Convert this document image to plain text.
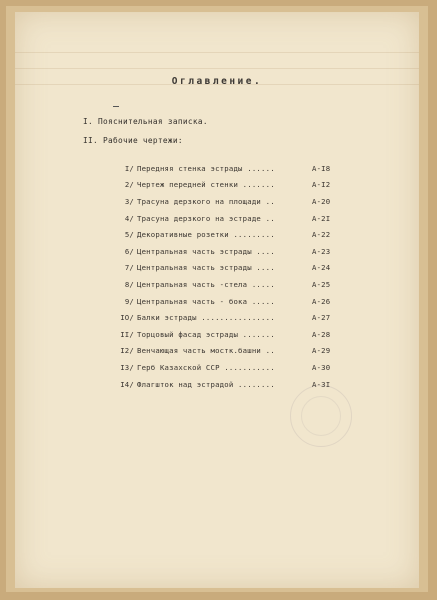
Оглавление.
I. Пояснительная записка.
II. Рабочие чертежи:
I/ Передняя стенка эстрады ......	А-I8
2/ Чертеж передней стенки .......	А-I2
3/ Трасуна дерзкого на площади ..	А-20
4/ Трасуна дерзкого на эстраде ..	А-2I
5/ Декоративные розетки .........	А-22
6/ Центральная часть эстрады ....	А-23
7/ Центральная часть эстрады ....	А-24
8/ Центральная часть -стела .....	А-25
9/ Центральная часть - бока .....	А-26
IO/ Балки эстрады ................	А-27
II/ Торцовый фасад эстрады .......	А-28
I2/ Венчающая часть мостк.башни ..	А-29
I3/ Герб Казахской ССР ...........	А-30
I4/ Флагшток над эстрадой ........	А-3I
